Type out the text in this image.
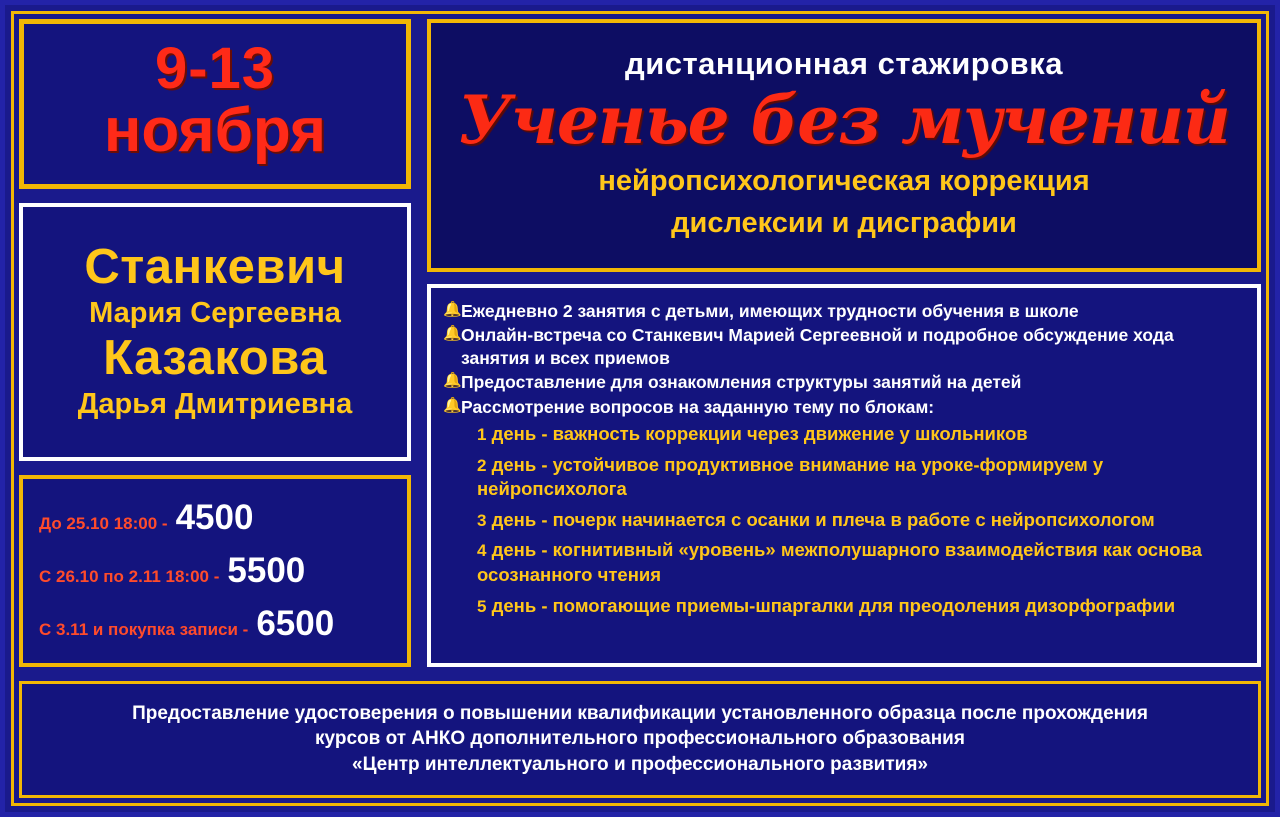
9-13
ноября
Станкевич
Мария Сергеевна
Казакова
Дарья Дмитриевна
До 25.10 18:00 - 4500
С 26.10 по 2.11 18:00 - 5500
С 3.11 и покупка записи - 6500
дистанционная стажировка
Ученье без мучений
нейропсихологическая коррекция
дислексии и дисграфии
🔔 Ежедневно 2 занятия с детьми, имеющих трудности обучения в школе
🔔 Онлайн-встреча со Станкевич Марией Сергеевной и подробное обсуждение хода занятия и всех приемов
🔔 Предоставление для ознакомления структуры занятий на детей
🔔 Рассмотрение вопросов на заданную тему по блокам:
1 день - важность коррекции через движение у школьников
2 день - устойчивое продуктивное внимание на уроке-формируем у нейропсихолога
3 день - почерк начинается с осанки и плеча в работе с нейропсихологом
4 день - когнитивный «уровень» межполушарного взаимодействия как основа осознанного чтения
5 день - помогающие приемы-шпаргалки для преодоления дизорфографии
Предоставление удостоверения о повышении квалификации установленного образца после прохождения
курсов от АНКО дополнительного профессионального образования
«Центр интеллектуального и профессионального развития»
